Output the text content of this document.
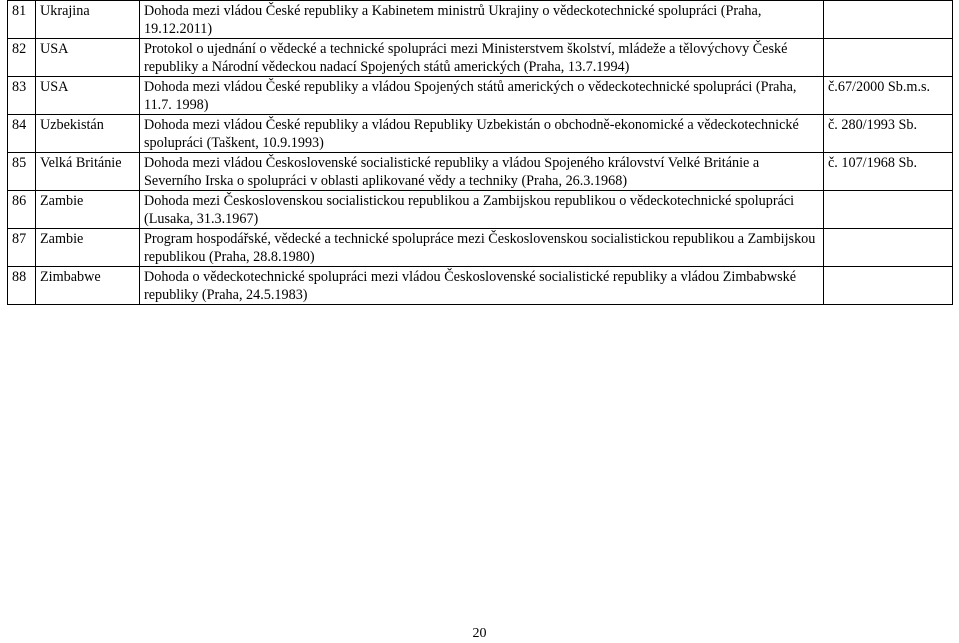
81	Ukrajina	Dohoda mezi vládou České republiky a Kabinetem ministrů Ukrajiny o vědeckotechnické spolupráci (Praha, 19.12.2011)	
82	USA	Protokol o ujednání o vědecké a technické spolupráci mezi Ministerstvem školství, mládeže a tělovýchovy České republiky a Národní vědeckou nadací Spojených států amerických (Praha, 13.7.1994)	
83	USA	Dohoda mezi vládou České republiky a vládou Spojených států amerických o vědeckotechnické spolupráci (Praha, 11.7. 1998)	č.67/2000 Sb.m.s.
84	Uzbekistán	Dohoda mezi vládou České republiky a vládou Republiky Uzbekistán o obchodně-ekonomické a vědeckotechnické spolupráci (Taškent, 10.9.1993)	č. 280/1993 Sb.
85	Velká Británie	Dohoda mezi vládou Československé socialistické republiky a vládou Spojeného království Velké Británie a Severního Irska o spolupráci v oblasti aplikované vědy a techniky (Praha, 26.3.1968)	č. 107/1968 Sb.
86	Zambie	Dohoda mezi Československou socialistickou republikou a Zambijskou republikou o vědeckotechnické spolupráci (Lusaka, 31.3.1967)	
87	Zambie	Program hospodářské, vědecké a technické spolupráce mezi Československou socialistickou republikou a Zambijskou republikou (Praha, 28.8.1980)	
88	Zimbabwe	Dohoda o vědeckotechnické spolupráci mezi vládou Československé socialistické republiky a vládou Zimbabwské republiky (Praha, 24.5.1983)	
20
